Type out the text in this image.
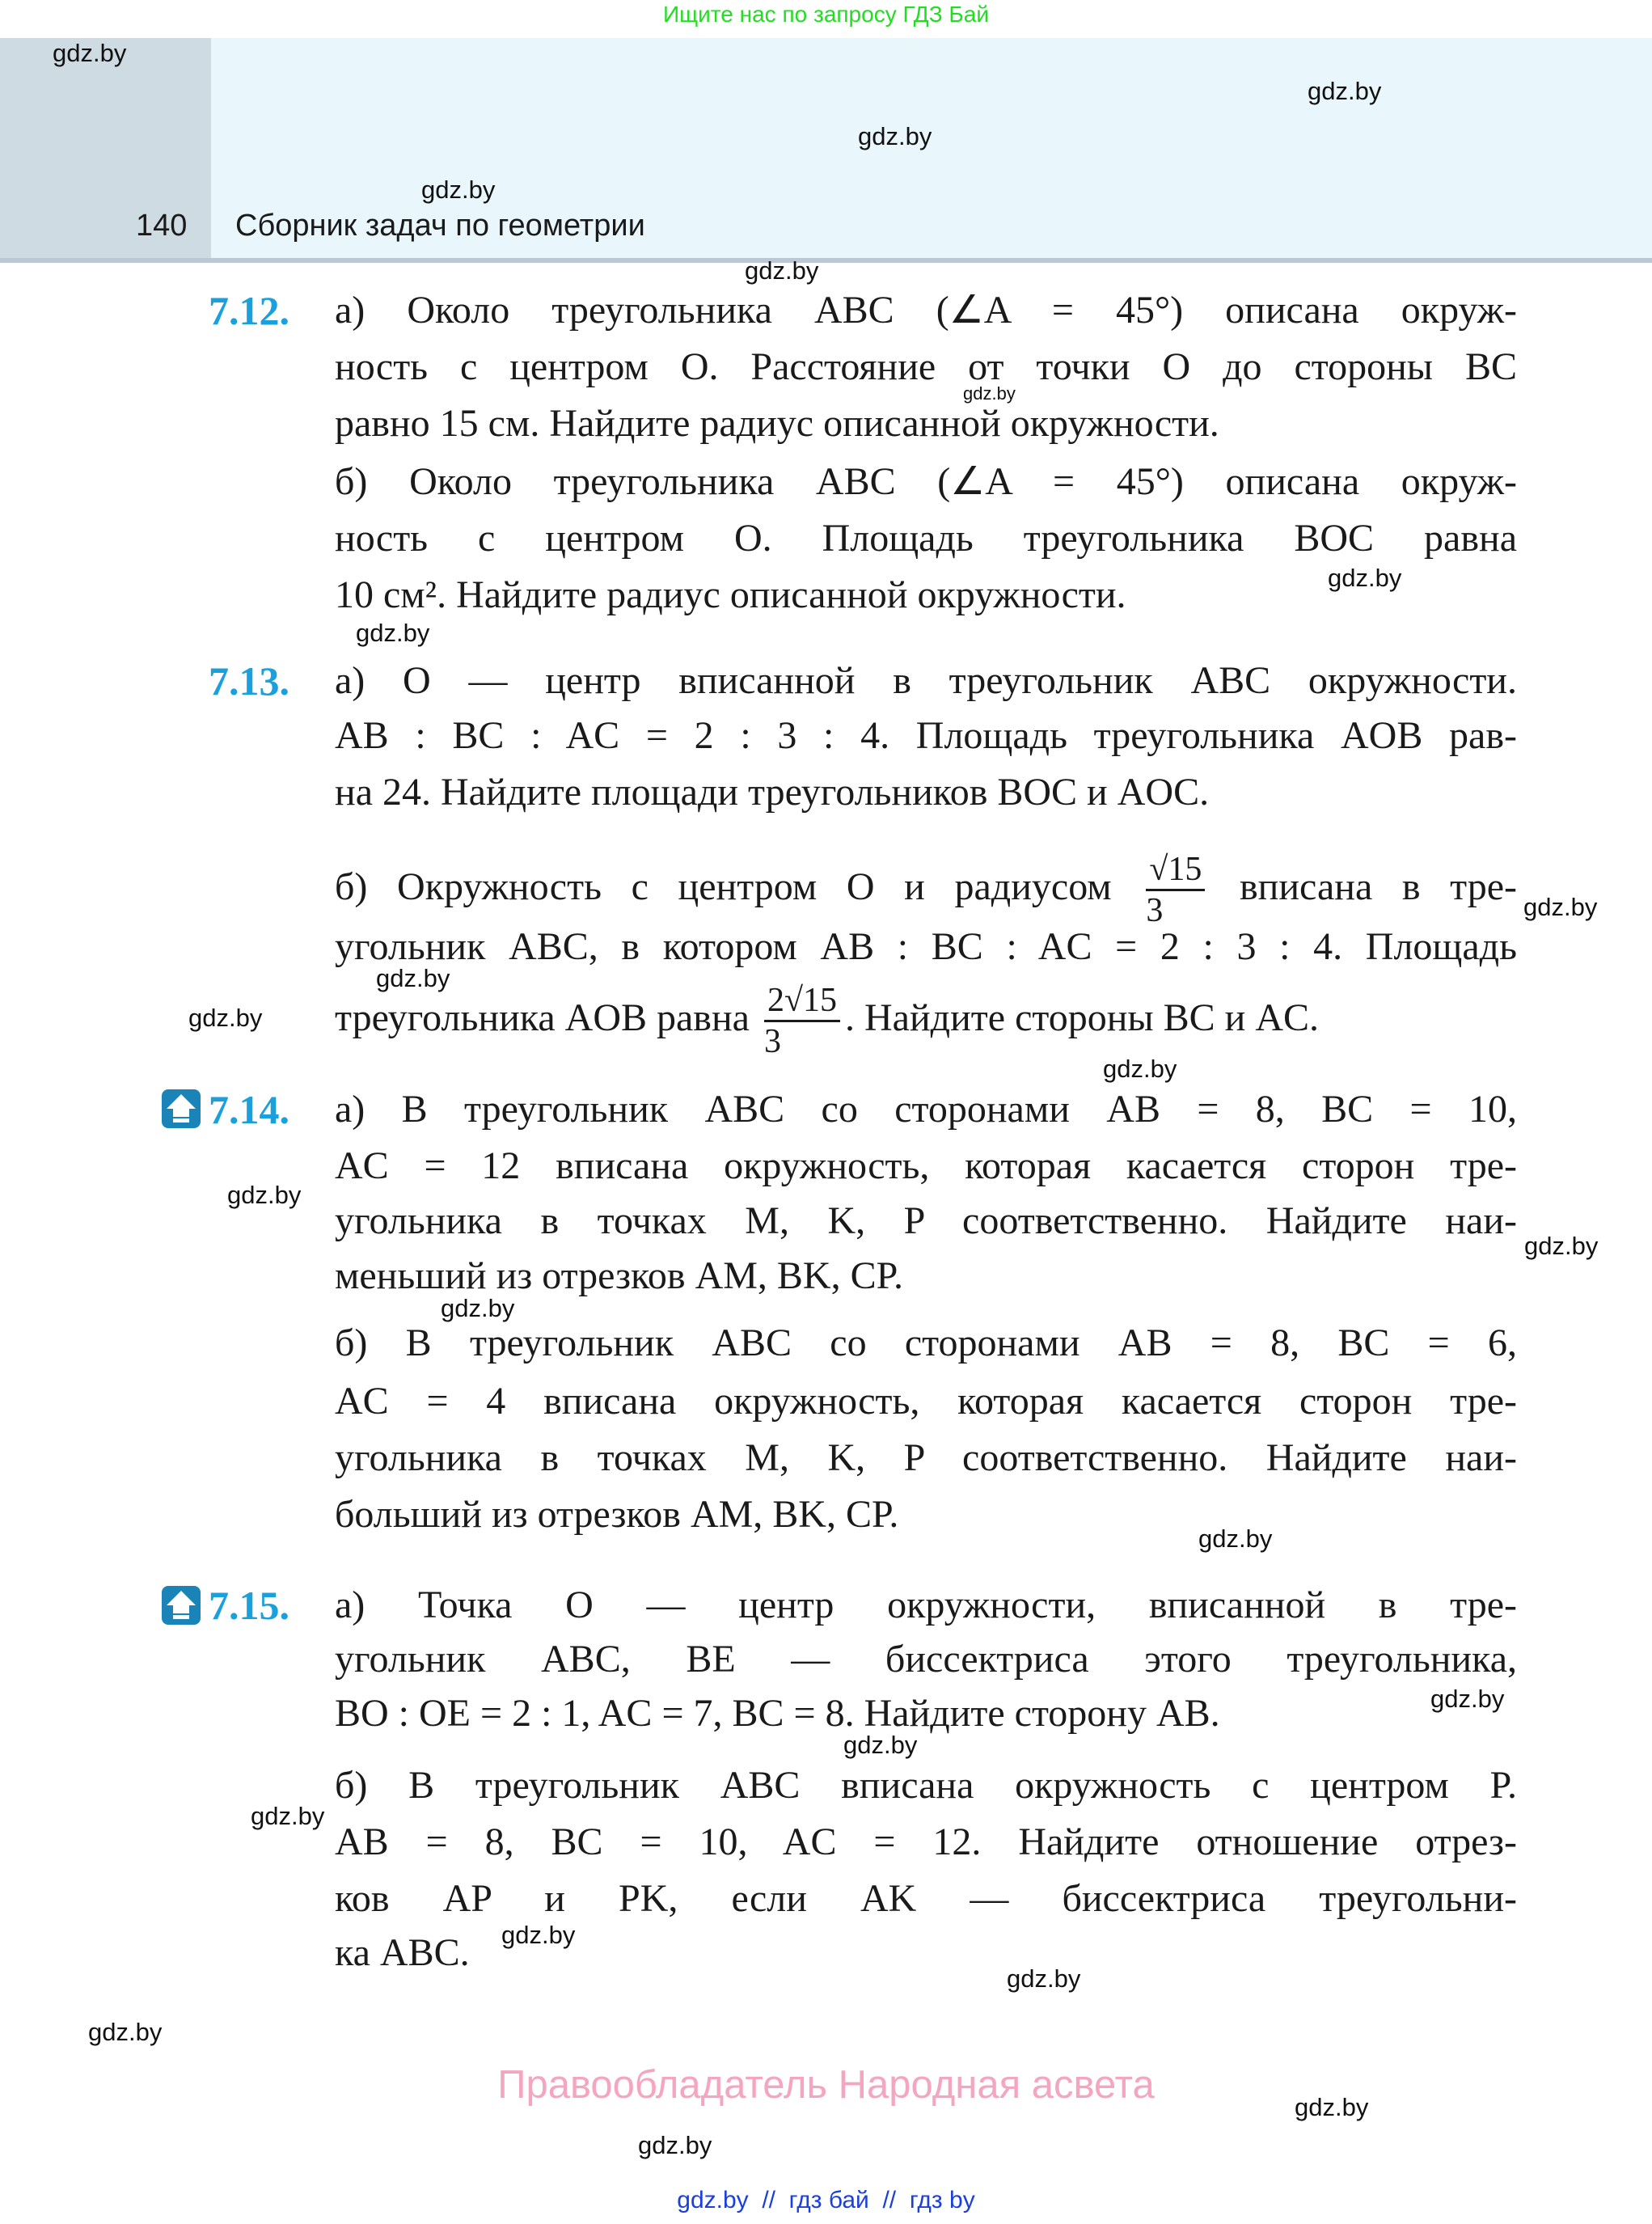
Ищите нас по запросу ГДЗ Бай
140 Сборник задач по геометрии
7.12.	а) Около треугольника ABC (∠A = 45°) описана окруж-
ность с центром O. Расстояние от точки O до стороны BC
равно 15 см. Найдите радиус описанной окружности.
б) Около треугольника ABC (∠A = 45°) описана окруж-
ность с центром O. Площадь треугольника BOC равна
10 см². Найдите радиус описанной окружности.
7.13.	а) O — центр вписанной в треугольник ABC окружности.
AB : BC : AC = 2 : 3 : 4. Площадь треугольника AOB рав-
на 24. Найдите площади треугольников BOC и AOC.
б) Окружность с центром O и радиусом $\frac{√15}{3}$ вписана в тре-
угольник ABC, в котором AB : BC : AC = 2 : 3 : 4. Площадь
треугольника AOB равна $\frac{2√15}{3}$ . Найдите стороны BC и AC.
7.14.	а) В треугольник ABC со сторонами AB = 8, BC = 10,
AC = 12 вписана окружность, которая касается сторон тре-
угольника в точках M, K, P соответственно. Найдите наи-
меньший из отрезков AM, BK, CP.
б) В треугольник ABC со сторонами AB = 8, BC = 6,
AC = 4 вписана окружность, которая касается сторон тре-
угольника в точках M, K, P соответственно. Найдите наи-
больший из отрезков AM, BK, CP.
7.15.	а) Точка O — центр окружности, вписанной в тре-
угольник ABC, BE — биссектриса этого треугольника,
BO : OE = 2 : 1, AC = 7, BC = 8. Найдите сторону AB.
б) В треугольник ABC вписана окружность с центром P.
AB = 8, BC = 10, AC = 12. Найдите отношение отрез-
ков AP и PK, если AK — биссектриса треугольни-
ка ABC.
gdz.by
gdz.by
gdz.by
gdz.by
gdz.by
gdz.by
gdz.by
gdz.by
gdz.by
gdz.by
gdz.by
gdz.by
gdz.by
gdz.by
gdz.by
gdz.by
gdz.by
gdz.by
gdz.by
gdz.by
gdz.by
gdz.by
gdz.by
gdz.by
Правообладатель Народная асвета
gdz.by  //  гдз бай  //  гдз by
